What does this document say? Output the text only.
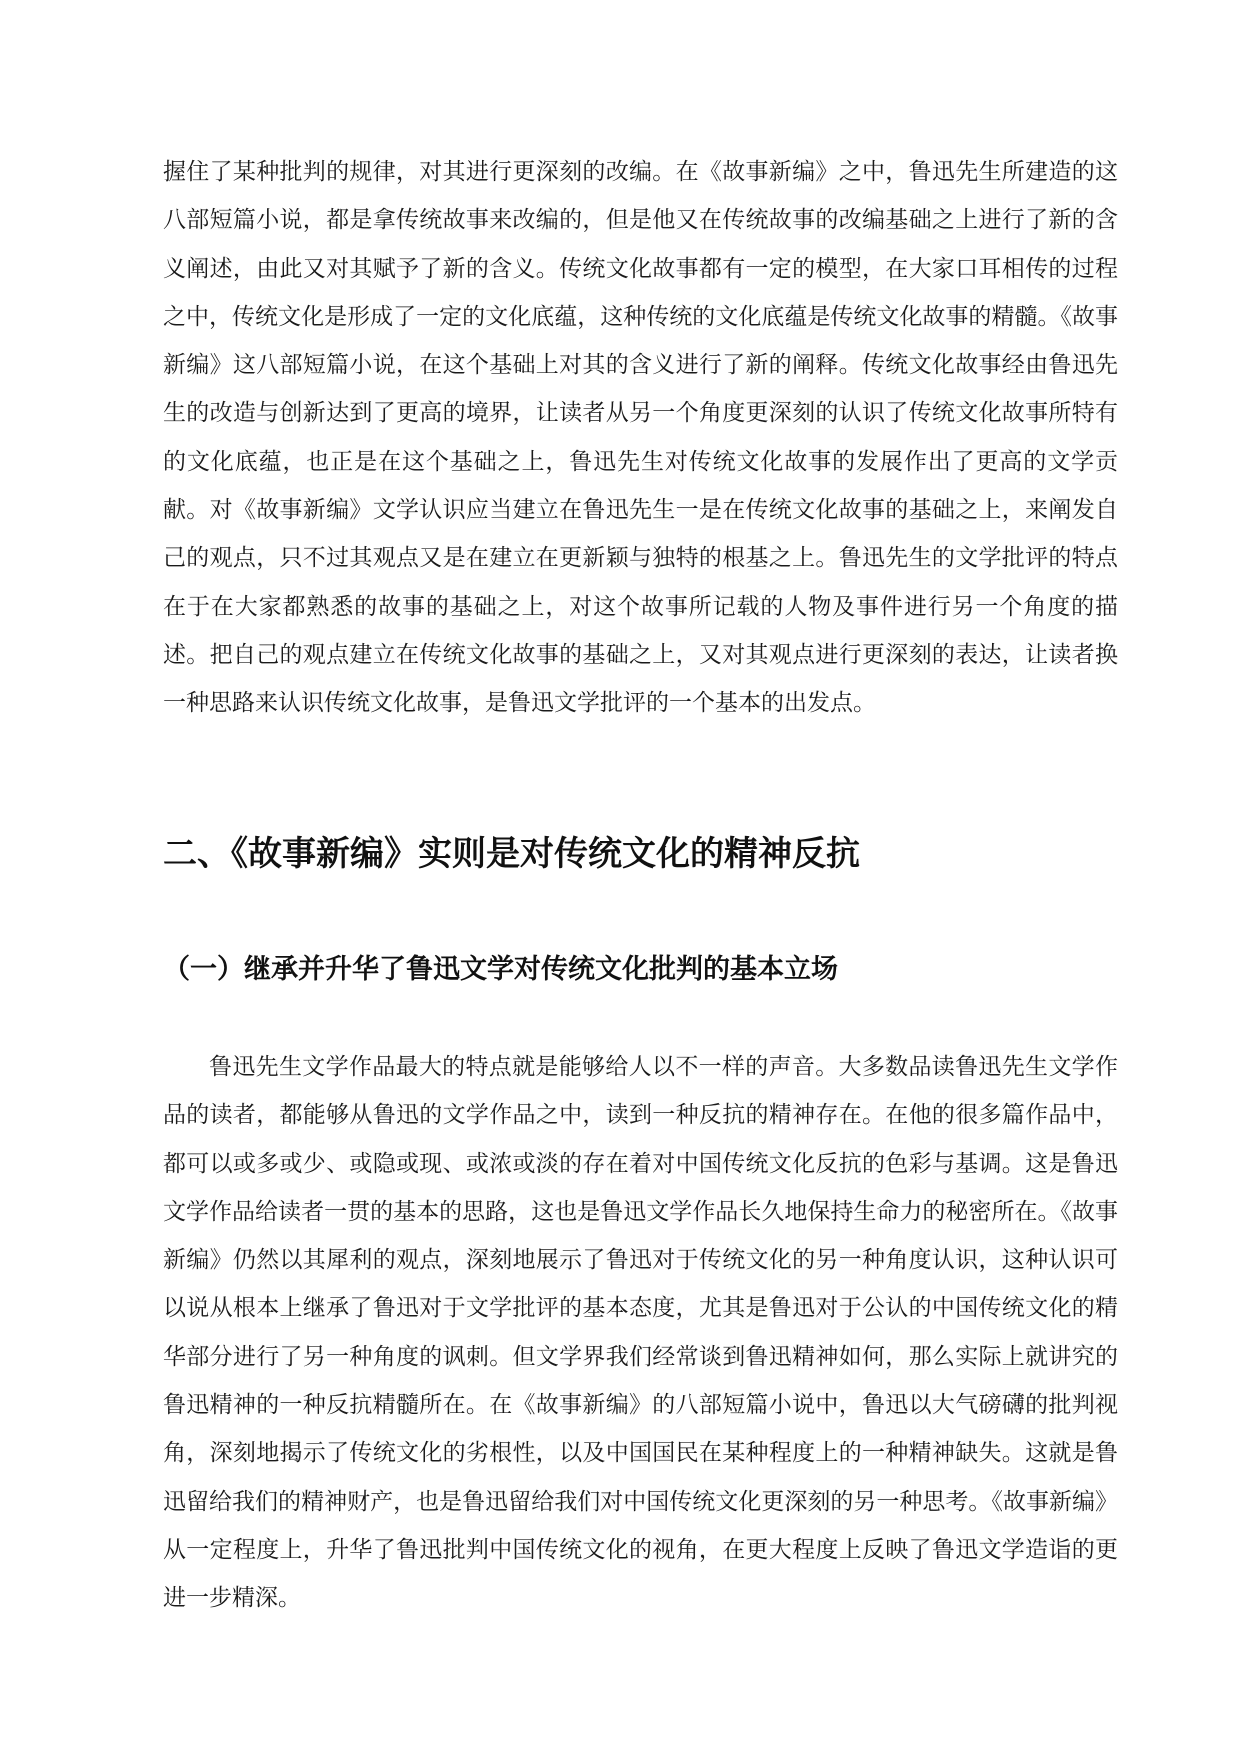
握住了某种批判的规律，对其进行更深刻的改编。在《故事新编》之中，鲁迅先生所建造的这八部短篇小说，都是拿传统故事来改编的，但是他又在传统故事的改编基础之上进行了新的含义阐述，由此又对其赋予了新的含义。传统文化故事都有一定的模型，在大家口耳相传的过程之中，传统文化是形成了一定的文化底蕴，这种传统的文化底蕴是传统文化故事的精髓。《故事新编》这八部短篇小说，在这个基础上对其的含义进行了新的阐释。传统文化故事经由鲁迅先生的改造与创新达到了更高的境界，让读者从另一个角度更深刻的认识了传统文化故事所特有的文化底蕴，也正是在这个基础之上，鲁迅先生对传统文化故事的发展作出了更高的文学贡献。对《故事新编》文学认识应当建立在鲁迅先生一是在传统文化故事的基础之上，来阐发自己的观点，只不过其观点又是在建立在更新颖与独特的根基之上。鲁迅先生的文学批评的特点在于在大家都熟悉的故事的基础之上，对这个故事所记载的人物及事件进行另一个角度的描述。把自己的观点建立在传统文化故事的基础之上，又对其观点进行更深刻的表达，让读者换一种思路来认识传统文化故事，是鲁迅文学批评的一个基本的出发点。

二、《故事新编》实则是对传统文化的精神反抗
（一）继承并升华了鲁迅文学对传统文化批判的基本立场

鲁迅先生文学作品最大的特点就是能够给人以不一样的声音。大多数品读鲁迅先生文学作品的读者，都能够从鲁迅的文学作品之中，读到一种反抗的精神存在。在他的很多篇作品中，都可以或多或少、或隐或现、或浓或淡的存在着对中国传统文化反抗的色彩与基调。这是鲁迅文学作品给读者一贯的基本的思路，这也是鲁迅文学作品长久地保持生命力的秘密所在。《故事新编》仍然以其犀利的观点，深刻地展示了鲁迅对于传统文化的另一种角度认识，这种认识可以说从根本上继承了鲁迅对于文学批评的基本态度，尤其是鲁迅对于公认的中国传统文化的精华部分进行了另一种角度的讽刺。但文学界我们经常谈到鲁迅精神如何，那么实际上就讲究的鲁迅精神的一种反抗精髓所在。在《故事新编》的八部短篇小说中，鲁迅以大气磅礴的批判视角，深刻地揭示了传统文化的劣根性，以及中国国民在某种程度上的一种精神缺失。这就是鲁迅留给我们的精神财产，也是鲁迅留给我们对中国传统文化更深刻的另一种思考。《故事新编》从一定程度上，升华了鲁迅批判中国传统文化的视角，在更大程度上反映了鲁迅文学造诣的更进一步精深。
